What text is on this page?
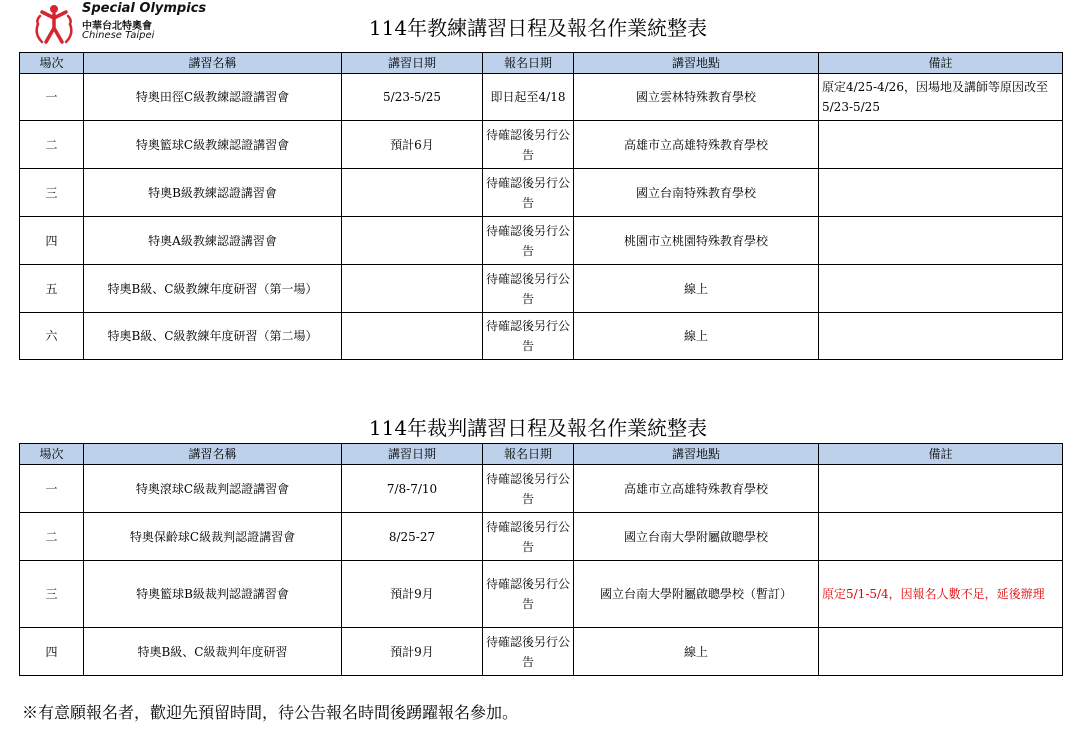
Special Olympics
中華台北特奧會
Chinese Taipei	114年教練講習日程及報名作業統整表
場次	講習名稱	講習日期	報名日期	講習地點	備註
一	特奧田徑C級教練認證講習會	5/23-5/25	即日起至4/18	國立雲林特殊教育學校	原定4/25-4/26，因場地及講師等原因改至5/23-5/25
二	特奧籃球C級教練認證講習會	預計6月	待確認後另行公告	高雄市立高雄特殊教育學校	
三	特奧B級教練認證講習會		待確認後另行公告	國立台南特殊教育學校	
四	特奧A級教練認證講習會		待確認後另行公告	桃園市立桃園特殊教育學校	
五	特奧B級、C級教練年度研習（第一場）		待確認後另行公告	線上	
六	特奧B級、C級教練年度研習（第二場）		待確認後另行公告	線上	
114年裁判講習日程及報名作業統整表
場次	講習名稱	講習日期	報名日期	講習地點	備註
一	特奧滾球C級裁判認證講習會	7/8-7/10	待確認後另行公告	高雄市立高雄特殊教育學校	
二	特奧保齡球C級裁判認證講習會	8/25-27	待確認後另行公告	國立台南大學附屬啟聰學校	
三	特奧籃球B級裁判認證講習會	預計9月	待確認後另行公告	國立台南大學附屬啟聰學校（暫訂）	原定5/1-5/4，因報名人數不足，延後辦理
四	特奧B級、C級裁判年度研習	預計9月	待確認後另行公告	線上	
※有意願報名者，歡迎先預留時間，待公告報名時間後踴躍報名參加。
